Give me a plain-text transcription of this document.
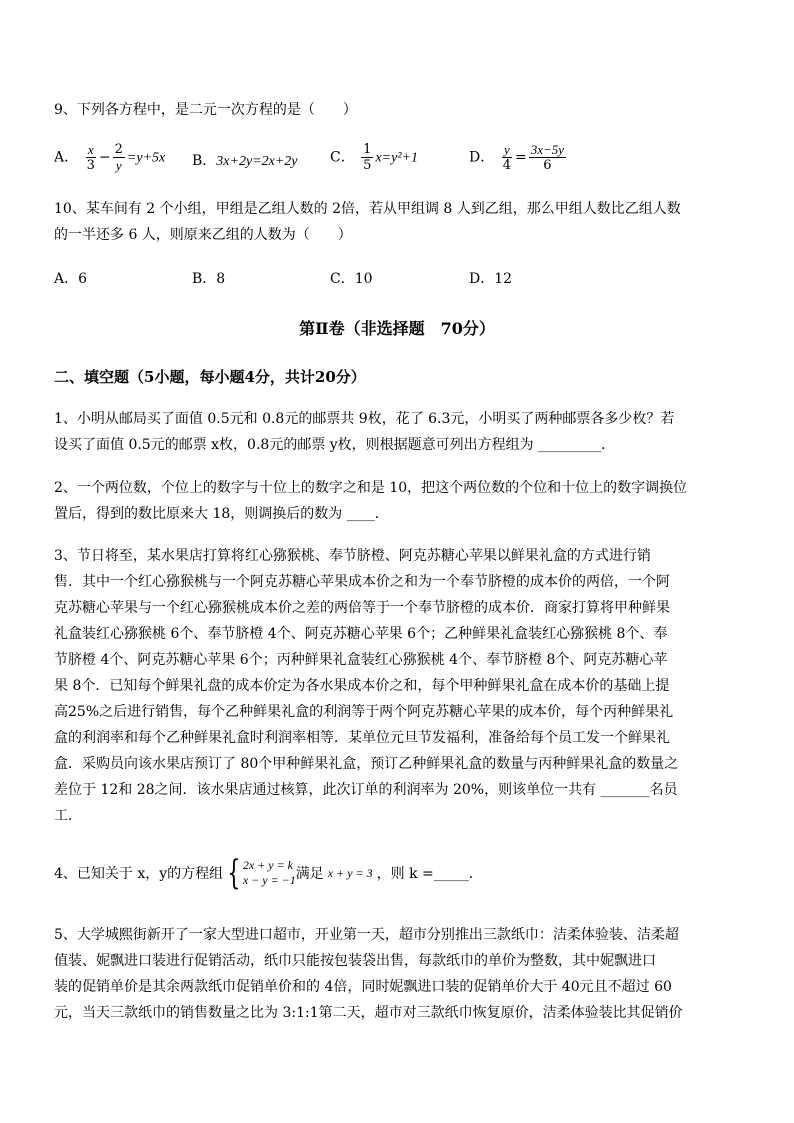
9、下列各方程中，是二元一次方程的是（　　）
A． $\frac{x}{3} - \frac{2}{y} =y+5x$ B．3x+2y=2x+2y C． $\frac{1}{5} x=y^2+1$	D． $\frac{y}{4} = \frac{3x-5y}{6}$
10、某车间有 2 个小组，甲组是乙组人数的 2倍，若从甲组调 8 人到乙组，那么甲组人数比乙组人数
的一半还多 6 人，则原来乙组的人数为（　　）
A．6	B．8	C．10	D．12
第Ⅱ卷（非选择题　70分）
二、填空题（5小题，每小题4分，共计20分）
1、小明从邮局买了面值 0.5元和 0.8元的邮票共 9枚，花了 6.3元，小明买了两种邮票各多少枚？若
设买了面值 0.5元的邮票 x枚，0.8元的邮票 y枚，则根据题意可列出方程组为 _________．
2、一个两位数，个位上的数字与十位上的数字之和是 10，把这个两位数的个位和十位上的数字调换位
置后，得到的数比原来大 18，则调换后的数为 ____．
3、节日将至，某水果店打算将红心猕猴桃、奉节脐橙、阿克苏糖心苹果以鲜果礼盒的方式进行销
售．其中一个红心猕猴桃与一个阿克苏糖心苹果成本价之和为一个奉节脐橙的成本价的两倍，一个阿
克苏糖心苹果与一个红心猕猴桃成本价之差的两倍等于一个奉节脐橙的成本价．商家打算将甲种鲜果
礼盒装红心猕猴桃 6个、奉节脐橙 4个、阿克苏糖心苹果 6个；乙种鲜果礼盒装红心猕猴桃 8个、奉
节脐橙 4个、阿克苏糖心苹果 6个；丙种鲜果礼盒装红心猕猴桃 4个、奉节脐橙 8个、阿克苏糖心苹
果 8个．已知每个鲜果礼盘的成本价定为各水果成本价之和，每个甲种鲜果礼盒在成本价的基础上提
高25%之后进行销售，每个乙种鲜果礼盒的利润等于两个阿克苏糖心苹果的成本价，每个丙种鲜果礼
盒的利润率和每个乙种鲜果礼盒时利润率相等．某单位元旦节发福利，准备给每个员工发一个鲜果礼
盒．采购员向该水果店预订了 80个甲种鲜果礼盒，预订乙种鲜果礼盒的数量与丙种鲜果礼盒的数量之
差位于 12和 28之间．该水果店通过核算，此次订单的利润率为 20%，则该单位一共有 _______名员
工．
4、已知关于 x，y的方程组 { 2x + y = k
x − y = −1 满足 x + y = 3 ，则 k =_____．
5、大学城熙街新开了一家大型进口超市，开业第一天，超市分别推出三款纸巾：洁柔体验装、洁柔超
值装、妮飘进口装进行促销活动，纸巾只能按包装袋出售，每款纸巾的单价为整数，其中妮飘进口
装的促销单价是其余两款纸巾促销单价和的 4倍，同时妮飘进口装的促销单价大于 40元且不超过 60
元，当天三款纸巾的销售数量之比为 3:1:1第二天，超市对三款纸巾恢复原价，洁柔体验装比其促销价
